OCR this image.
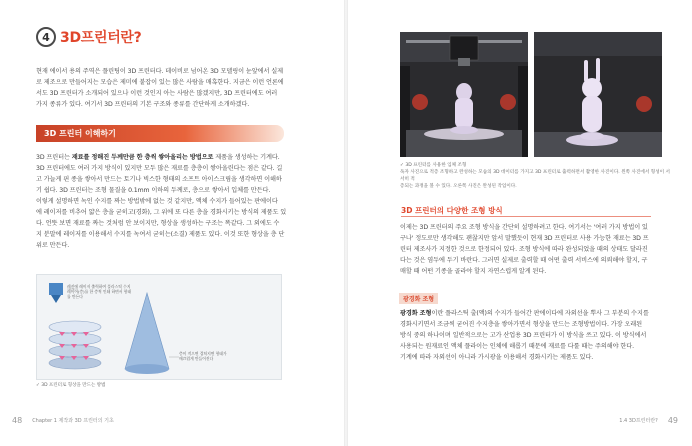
4 3D프린터란?
현재 에이서 용의 주역은 플린팅이 3D 프린터다. 데이비로 넘어온 3D 모델링이 눈앞에서 실제
로 제조으로 만들어지는 모습은 제미에 붙잡이 있는 많은 사람을 매혹한다. 지금은 이런 언론에
서도 3D 프린터가 소개되어 있으나 이런 것인지 아는 사람은 많겠지만, 3D 프린터에도 여러
가지 종류가 있다. 여기서 3D 프린터의 기본 구조와 종류를 간단하게 소개하겠다.
3D 프린터 이해하기
3D 프린터는 재료를 정해진 두께만큼 한 층씩 쌓아올리는 방법으로 제품을 생성하는 기계다.
3D 프린터에도 여러 가지 방식이 있지만 모두 많은 재료를 층층이 쌓아올린다는 점은 같다. 길
고 가늘게 핀 종을 쌓아서 만드는 토기나 빅스한 형태의 소프트 아이스크림을 생각하면 이해하
기 쉽다. 3D 프린터는 조형 물질을 0.1mm 이하의 두께로, 층으로 쌓아서 입체를 만든다.
이렇게 설명하면 녹인 수지를 짜는 방법밖에 없는 것 같지만, 액체 수지가 들어있는 판에이다
에 레이저를 비추어 얇은 층을 굳히고(경화), 그 위에 또 다른 층을 경화시키는 방식의 제품도 있
다. 언뜻 보면 재료를 짜는 것처럼 안 보이지만, 형상을 생성하는 구조는 똑같다. 그 외에도 수
지 분말에 레이저를 이용해서 수지를 녹여서 굳히는(소결) 제품도 있다. 이것 또한 형상을 층 단
위로 만든다.
레진에 레이저 출력하여 플라스틱 수지 레이어(층)를 한 층씩 인쇄 하면서 형태를 만든다
층이 적으면 겹쳐지면 형태가 매끄럽게 만들어진다
✓ 3D 프린터로 형상을 만드는 방법
48 Chapter 1 제작과 3D 프린터의 기초
✓ 3D 프린터를 사용한 입체 조형
독자 사진으로 적층 조형하고 완성하는 모습의 3D 데이터를 가지고 3D 프린터로 출력하면서 촬영한 사진이다. 왼쪽 사진에서 형성이 서서히 적
층되는 과정을 볼 수 있다. 오른쪽 사진은 완성된 작업이다.
3D 프린터의 다양한 조형 방식
이제는 3D 프린터의 주요 조형 방식을 간단히 설명하려고 한다. 여기서는 '여러 가지 방법이 있
구나' 정도로만 생각해도 괜찮지만 앞서 말했듯이 현재 3D 프린터로 사용 가능한 재료는 3D 프
린터 제조사가 지정한 것으로 한정되어 있다. 조형 방식에 따라 완성되었을 때의 상태도 달라진
다는 것은 염두에 두기 바란다. 그러면 실제로 출력할 때 어떤 출력 서비스에 의뢰해야 할지, 구
매할 때 어떤 기종을 골라야 할지 자연스럽게 알게 된다.
광경화 조형
광경화 조형이란 플라스틱 출(액)의 수지가 들어간 판에이다에 자외선을 뿌사 그 부분의 수지를
경화시키면서 조금씩 굳어진 수지층을 쌓아가면서 형상을 만드는 조형방법이다. 가장 오래된
방식 중의 하나이며 일반적으로는 고가 산업용 3D 프린터가 이 방식을 쓰고 있다. 이 방식에서
사용되는 원재료인 액체 플라이는 인체에 해롭기 때문에 재료를 다룰 때는 주의해야 한다.
기계에 따라 자외선이 아니라 가시광을 이용해서 경화시키는 제품도 있다.
1.4 3D프린터란? 49
